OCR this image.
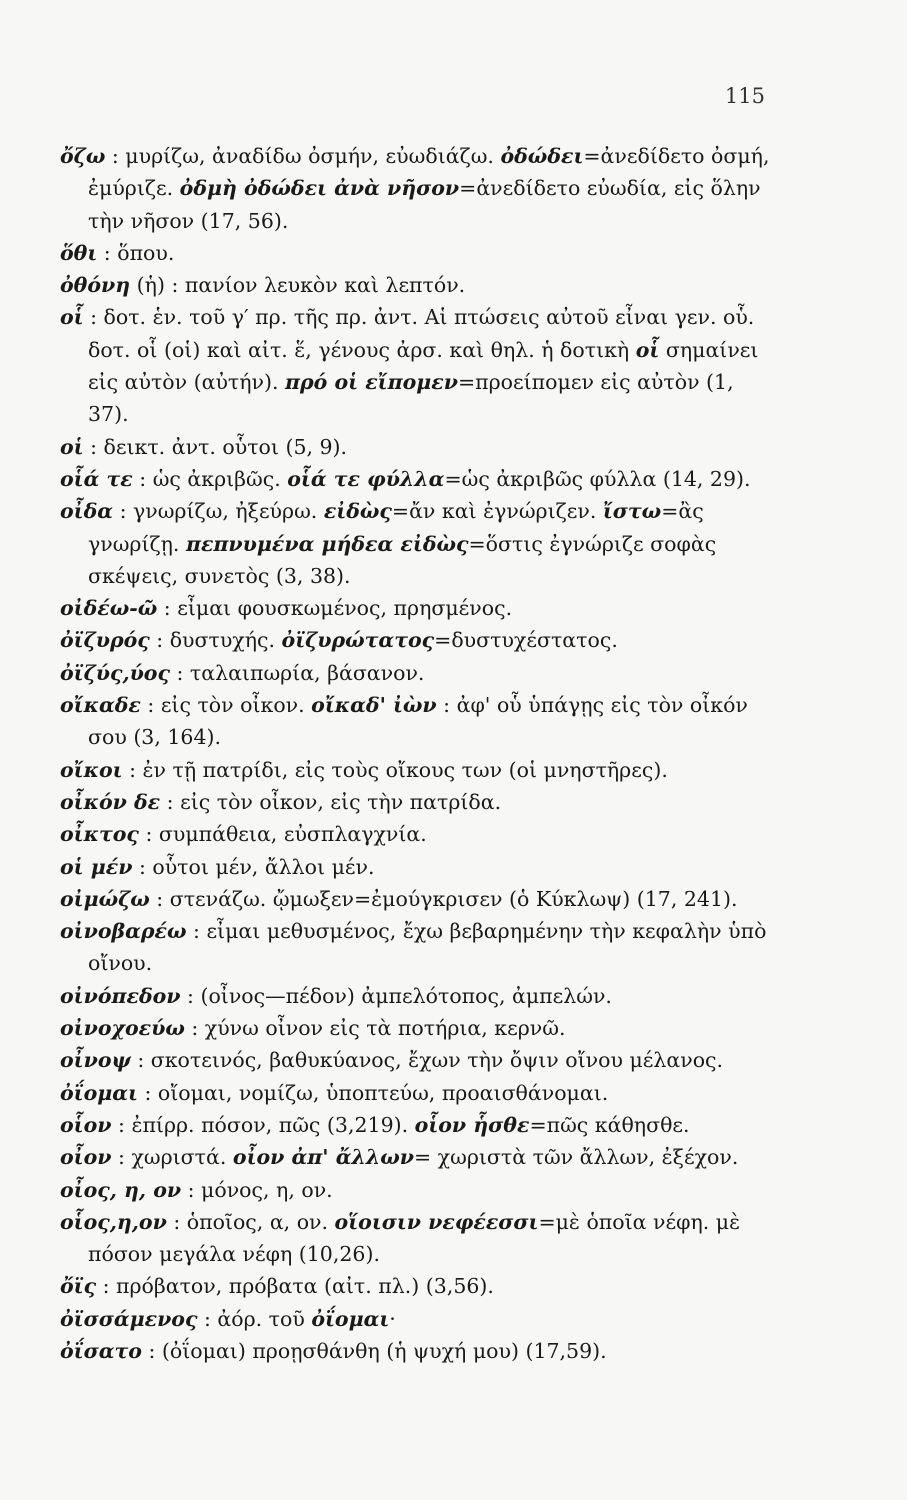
115

ὄζω : μυρίζω, ἀναδίδω ὀσμήν, εὐωδιάζω. ὀδώδει=ἀνεδίδετο ὀσμή, ἐμύριζε. ὀδμὴ ὀδώδει ἀνὰ νῆσον=ἀνεδίδετο εὐωδία, εἰς ὅλην τὴν νῆσον (17, 56).

ὅθι : ὅπου.

ὀθόνη (ἡ) : πανίον λευκὸν καὶ λεπτόν.

οἷ : δοτ. ἑν. τοῦ γ′ πρ. τῆς πρ. ἀντ. Αἱ πτώσεις αὐτοῦ εἶναι γεν. οὗ. δοτ. οἷ (οἱ) καὶ αἰτ. ἕ, γένους ἀρσ. καὶ θηλ. ἡ δοτικὴ οἷ σημαίνει εἰς αὐτὸν (αὐτήν). πρό οἱ εἴπομεν=προείπομεν εἰς αὐτὸν (1, 37).

οἱ : δεικτ. ἀντ. οὗτοι (5, 9).

οἷά τε : ὡς ἀκριβῶς. οἷά τε φύλλα=ὡς ἀκριβῶς φύλλα (14, 29).

οἶδα : γνωρίζω, ἠξεύρω. εἰδὼς=ἄν καὶ ἐγνώριζεν. ἴστω=ἂς γνωρίζῃ. πεπνυμένα μήδεα εἰδὼς=ὅστις ἐγνώριζε σοφὰς σκέψεις, συνετὸς (3, 38).

οἰδέω-ῶ : εἶμαι φουσκωμένος, πρησμένος.

ὀϊζυρός : δυστυχής. ὀϊζυρώτατος=δυστυχέστατος.

ὀϊζύς,ύος : ταλαιπωρία, βάσανον.

οἴκαδε : εἰς τὸν οἶκον. οἴκαδ' ἰὼν : ἀφ' οὗ ὑπάγῃς εἰς τὸν οἶκόν σου (3, 164).

οἴκοι : ἐν τῇ πατρίδι, εἰς τοὺς οἴκους των (οἱ μνηστῆρες).

οἶκόν δε : εἰς τὸν οἶκον, εἰς τὴν πατρίδα.

οἶκτος : συμπάθεια, εὐσπλαγχνία.

οἱ μέν : οὗτοι μέν, ἄλλοι μέν.

οἰμώζω : στενάζω. ᾤμωξεν=ἐμούγκρισεν (ὁ Κύκλωψ) (17, 241).

οἰνοβαρέω : εἶμαι μεθυσμένος, ἔχω βεβαρημένην τὴν κεφαλὴν ὑπὸ οἴνου.

οἰνόπεδον : (οἶνος—πέδον) ἀμπελότοπος, ἀμπελών.

οἰνοχοεύω : χύνω οἶνον εἰς τὰ ποτήρια, κερνῶ.

οἶνοψ : σκοτεινός, βαθυκύανος, ἔχων τὴν ὄψιν οἴνου μέλανος.

ὀΐομαι : οἴομαι, νομίζω, ὑποπτεύω, προαισθάνομαι.

οἷον : ἐπίρρ. πόσον, πῶς (3,219). οἷον ἧσθε=πῶς κάθησθε.

οἶον : χωριστά. οἶον ἀπ' ἄλλων= χωριστὰ τῶν ἄλλων, ἐξέχον.

οἶος, η, ον : μόνος, η, ον.

οἷος,η,ον : ὁποῖος, α, ον. οἵοισιν νεφέεσσι=μὲ ὁποῖα νέφη. μὲ πόσον μεγάλα νέφη (10,26).

ὄϊς : πρόβατον, πρόβατα (αἰτ. πλ.) (3,56).

ὀϊσσάμενος : ἀόρ. τοῦ ὀΐομαι·

ὀΐσατο : (ὀΐομαι) προῃσθάνθη (ἡ ψυχή μου) (17,59).
